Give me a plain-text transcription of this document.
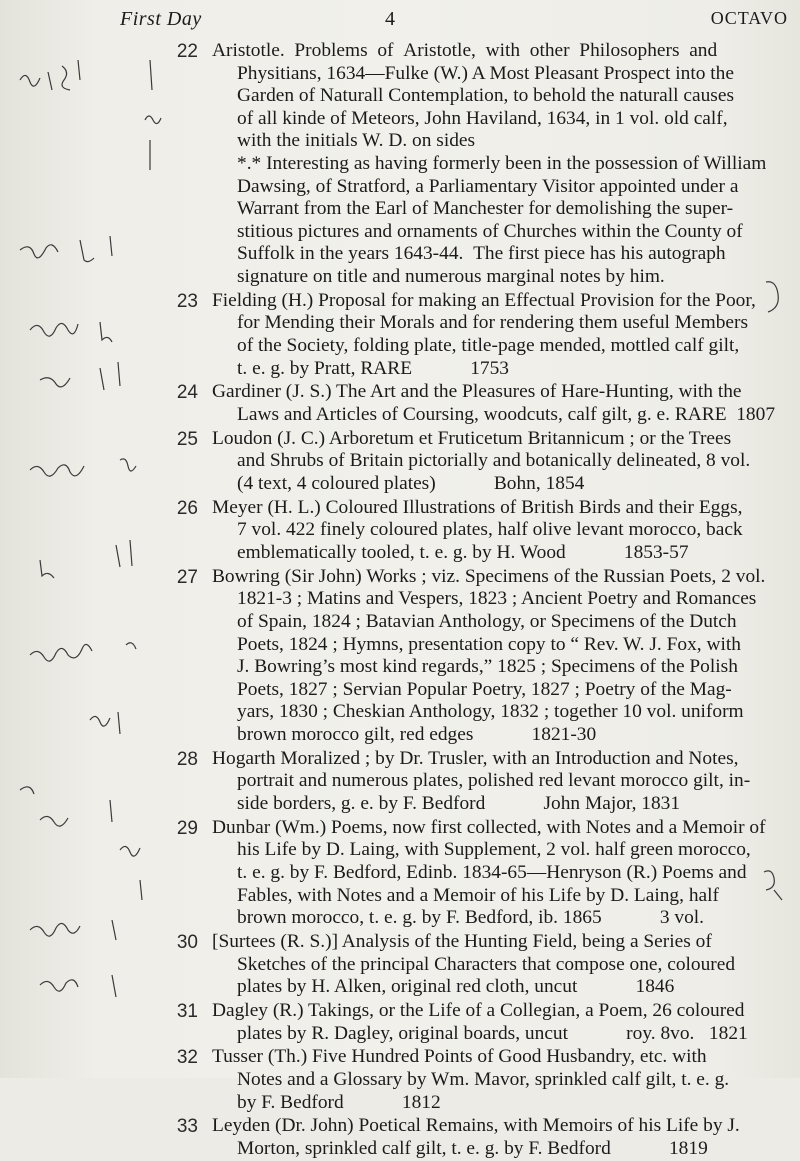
First Day	4	OCTAVO
22 Aristotle.  Problems  of  Aristotle,  with  other  Philosophers  and
Physitians, 1634—Fulke (W.) A Most Pleasant Prospect into the
Garden of Naturall Contemplation, to behold the naturall causes
of all kinde of Meteors, John Haviland, 1634, in 1 vol. old calf,
with the initials W. D. on sides
*.* Interesting as having formerly been in the possession of William
Dawsing, of Stratford, a Parliamentary Visitor appointed under a
Warrant from the Earl of Manchester for demolishing the super-
stitious pictures and ornaments of Churches within the County of
Suffolk in the years 1643-44.  The first piece has his autograph
signature on title and numerous marginal notes by him.
23 Fielding (H.) Proposal for making an Effectual Provision for the Poor,
for Mending their Morals and for rendering them useful Members
of the Society, folding plate, title-page mended, mottled calf gilt,
t. e. g. by Pratt, RARE            1753
24 Gardiner (J. S.) The Art and the Pleasures of Hare-Hunting, with the
Laws and Articles of Coursing, woodcuts, calf gilt, g. e. RARE  1807
25 Loudon (J. C.) Arboretum et Fruticetum Britannicum ; or the Trees
and Shrubs of Britain pictorially and botanically delineated, 8 vol.
(4 text, 4 coloured plates)            Bohn, 1854
26 Meyer (H. L.) Coloured Illustrations of British Birds and their Eggs,
7 vol. 422 finely coloured plates, half olive levant morocco, back
emblematically tooled, t. e. g. by H. Wood            1853-57
27 Bowring (Sir John) Works ; viz. Specimens of the Russian Poets, 2 vol.
1821-3 ; Matins and Vespers, 1823 ; Ancient Poetry and Romances
of Spain, 1824 ; Batavian Anthology, or Specimens of the Dutch
Poets, 1824 ; Hymns, presentation copy to “ Rev. W. J. Fox, with
J. Bowring’s most kind regards,” 1825 ; Specimens of the Polish
Poets, 1827 ; Servian Popular Poetry, 1827 ; Poetry of the Mag-
yars, 1830 ; Cheskian Anthology, 1832 ; together 10 vol. uniform
brown morocco gilt, red edges            1821-30
28 Hogarth Moralized ; by Dr. Trusler, with an Introduction and Notes,
portrait and numerous plates, polished red levant morocco gilt, in-
side borders, g. e. by F. Bedford            John Major, 1831
29 Dunbar (Wm.) Poems, now first collected, with Notes and a Memoir of
his Life by D. Laing, with Supplement, 2 vol. half green morocco,
t. e. g. by F. Bedford, Edinb. 1834-65—Henryson (R.) Poems and
Fables, with Notes and a Memoir of his Life by D. Laing, half
brown morocco, t. e. g. by F. Bedford, ib. 1865            3 vol.
30 [Surtees (R. S.)] Analysis of the Hunting Field, being a Series of
Sketches of the principal Characters that compose one, coloured
plates by H. Alken, original red cloth, uncut            1846
31 Dagley (R.) Takings, or the Life of a Collegian, a Poem, 26 coloured
plates by R. Dagley, original boards, uncut            roy. 8vo.   1821
32 Tusser (Th.) Five Hundred Points of Good Husbandry, etc. with
Notes and a Glossary by Wm. Mavor, sprinkled calf gilt, t. e. g.
by F. Bedford            1812
33 Leyden (Dr. John) Poetical Remains, with Memoirs of his Life by J.
Morton, sprinkled calf gilt, t. e. g. by F. Bedford            1819
